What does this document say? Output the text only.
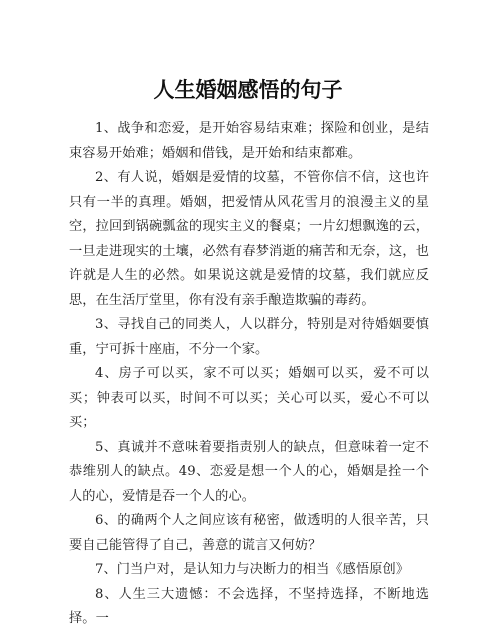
人生婚姻感悟的句子

1、战争和恋爱，是开始容易结束难；探险和创业，是结束容易开始难；婚姻和借钱，是开始和结束都难。

2、有人说，婚姻是爱情的坟墓，不管你信不信，这也许只有一半的真理。婚姻，把爱情从风花雪月的浪漫主义的星空，拉回到锅碗瓢盆的现实主义的餐桌；一片幻想飘逸的云，一旦走进现实的土壤，必然有春梦消逝的痛苦和无奈，这，也许就是人生的必然。如果说这就是爱情的坟墓，我们就应反思，在生活厅堂里，你有没有亲手酿造欺骗的毒药。

3、寻找自己的同类人，人以群分，特别是对待婚姻要慎重，宁可拆十座庙，不分一个家。

4、房子可以买，家不可以买；婚姻可以买，爱不可以买；钟表可以买，时间不可以买；关心可以买，爱心不可以买；

5、真诚并不意味着要指责别人的缺点，但意味着一定不恭维别人的缺点。49、恋爱是想一个人的心，婚姻是拴一个人的心，爱情是吞一个人的心。

6、的确两个人之间应该有秘密，做透明的人很辛苦，只要自己能管得了自己，善意的谎言又何妨？

7、门当户对，是认知力与决断力的相当《感悟原创》

8、人生三大遗憾：不会选择，不坚持选择，不断地选择。一
